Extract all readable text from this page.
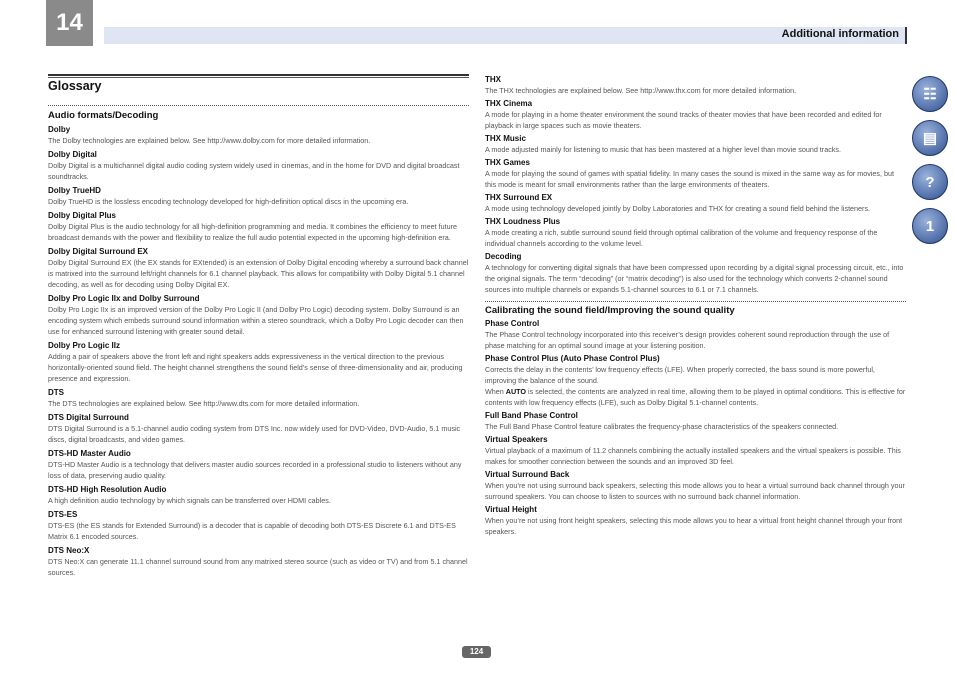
14	Additional information
Glossary
Audio formats/Decoding
Dolby
The Dolby technologies are explained below. See http://www.dolby.com for more detailed information.
Dolby Digital
Dolby Digital is a multichannel digital audio coding system widely used in cinemas, and in the home for DVD and digital broadcast soundtracks.
Dolby TrueHD
Dolby TrueHD is the lossless encoding technology developed for high-definition optical discs in the upcoming era.
Dolby Digital Plus
Dolby Digital Plus is the audio technology for all high-definition programming and media. It combines the efficiency to meet future broadcast demands with the power and flexibility to realize the full audio potential expected in the upcoming high-definition era.
Dolby Digital Surround EX
Dolby Digital Surround EX (the EX stands for EXtended) is an extension of Dolby Digital encoding whereby a surround back channel is matrixed into the surround left/right channels for 6.1 channel playback. This allows for compatibility with Dolby Digital 5.1 channel decoding, as well as for decoding using Dolby Digital EX.
Dolby Pro Logic IIx and Dolby Surround
Dolby Pro Logic IIx is an improved version of the Dolby Pro Logic II (and Dolby Pro Logic) decoding system. Dolby Surround is an encoding system which embeds surround sound information within a stereo soundtrack, which a Dolby Pro Logic decoder can then use for enhanced surround listening with greater sound detail.
Dolby Pro Logic IIz
Adding a pair of speakers above the front left and right speakers adds expressiveness in the vertical direction to the previous horizontally-oriented sound field. The height channel strengthens the sound field’s sense of three-dimensionality and air, producing presence and expression.
DTS
The DTS technologies are explained below. See http://www.dts.com for more detailed information.
DTS Digital Surround
DTS Digital Surround is a 5.1-channel audio coding system from DTS Inc. now widely used for DVD-Video, DVD-Audio, 5.1 music discs, digital broadcasts, and video games.
DTS-HD Master Audio
DTS-HD Master Audio is a technology that delivers master audio sources recorded in a professional studio to listeners without any loss of data, preserving audio quality.
DTS-HD High Resolution Audio
A high definition audio technology by which signals can be transferred over HDMI cables.
DTS-ES
DTS-ES (the ES stands for Extended Surround) is a decoder that is capable of decoding both DTS-ES Discrete 6.1 and DTS-ES Matrix 6.1 encoded sources.
DTS Neo:X
DTS Neo:X can generate 11.1 channel surround sound from any matrixed stereo source (such as video or TV) and from 5.1 channel sources.
THX
The THX technologies are explained below. See http://www.thx.com for more detailed information.
THX Cinema
A mode for playing in a home theater environment the sound tracks of theater movies that have been recorded and edited for playback in large spaces such as movie theaters.
THX Music
A mode adjusted mainly for listening to music that has been mastered at a higher level than movie sound tracks.
THX Games
A mode for playing the sound of games with spatial fidelity. In many cases the sound is mixed in the same way as for movies, but this mode is meant for small environments rather than the large environments of theaters.
THX Surround EX
A mode using technology developed jointly by Dolby Laboratories and THX for creating a sound field behind the listeners.
THX Loudness Plus
A mode creating a rich, subtle surround sound field through optimal calibration of the volume and frequency response of the individual channels according to the volume level.
Decoding
A technology for converting digital signals that have been compressed upon recording by a digital signal processing circuit, etc., into the original signals. The term “decoding” (or “matrix decoding”) is also used for the technology which converts 2-channel sound sources into multiple channels or expands 5.1-channel sources to 6.1 or 7.1 channels.
Calibrating the sound field/Improving the sound quality
Phase Control
The Phase Control technology incorporated into this receiver’s design provides coherent sound reproduction through the use of phase matching for an optimal sound image at your listening position.
Phase Control Plus (Auto Phase Control Plus)
Corrects the delay in the contents’ low frequency effects (LFE). When properly corrected, the bass sound is more powerful, improving the balance of the sound.
When AUTO is selected, the contents are analyzed in real time, allowing them to be played in optimal conditions. This is effective for contents with low frequency effects (LFE), such as Dolby Digital 5.1-channel contents.
Full Band Phase Control
The Full Band Phase Control feature calibrates the frequency-phase characteristics of the speakers connected.
Virtual Speakers
Virtual playback of a maximum of 11.2 channels combining the actually installed speakers and the virtual speakers is possible. This makes for smoother connection between the sounds and an improved 3D feel.
Virtual Surround Back
When you’re not using surround back speakers, selecting this mode allows you to hear a virtual surround back channel through your surround speakers. You can choose to listen to sources with no surround back channel information.
Virtual Height
When you’re not using front height speakers, selecting this mode allows you to hear a virtual front height channel through your front speakers.
☷
▤
?
1
124
